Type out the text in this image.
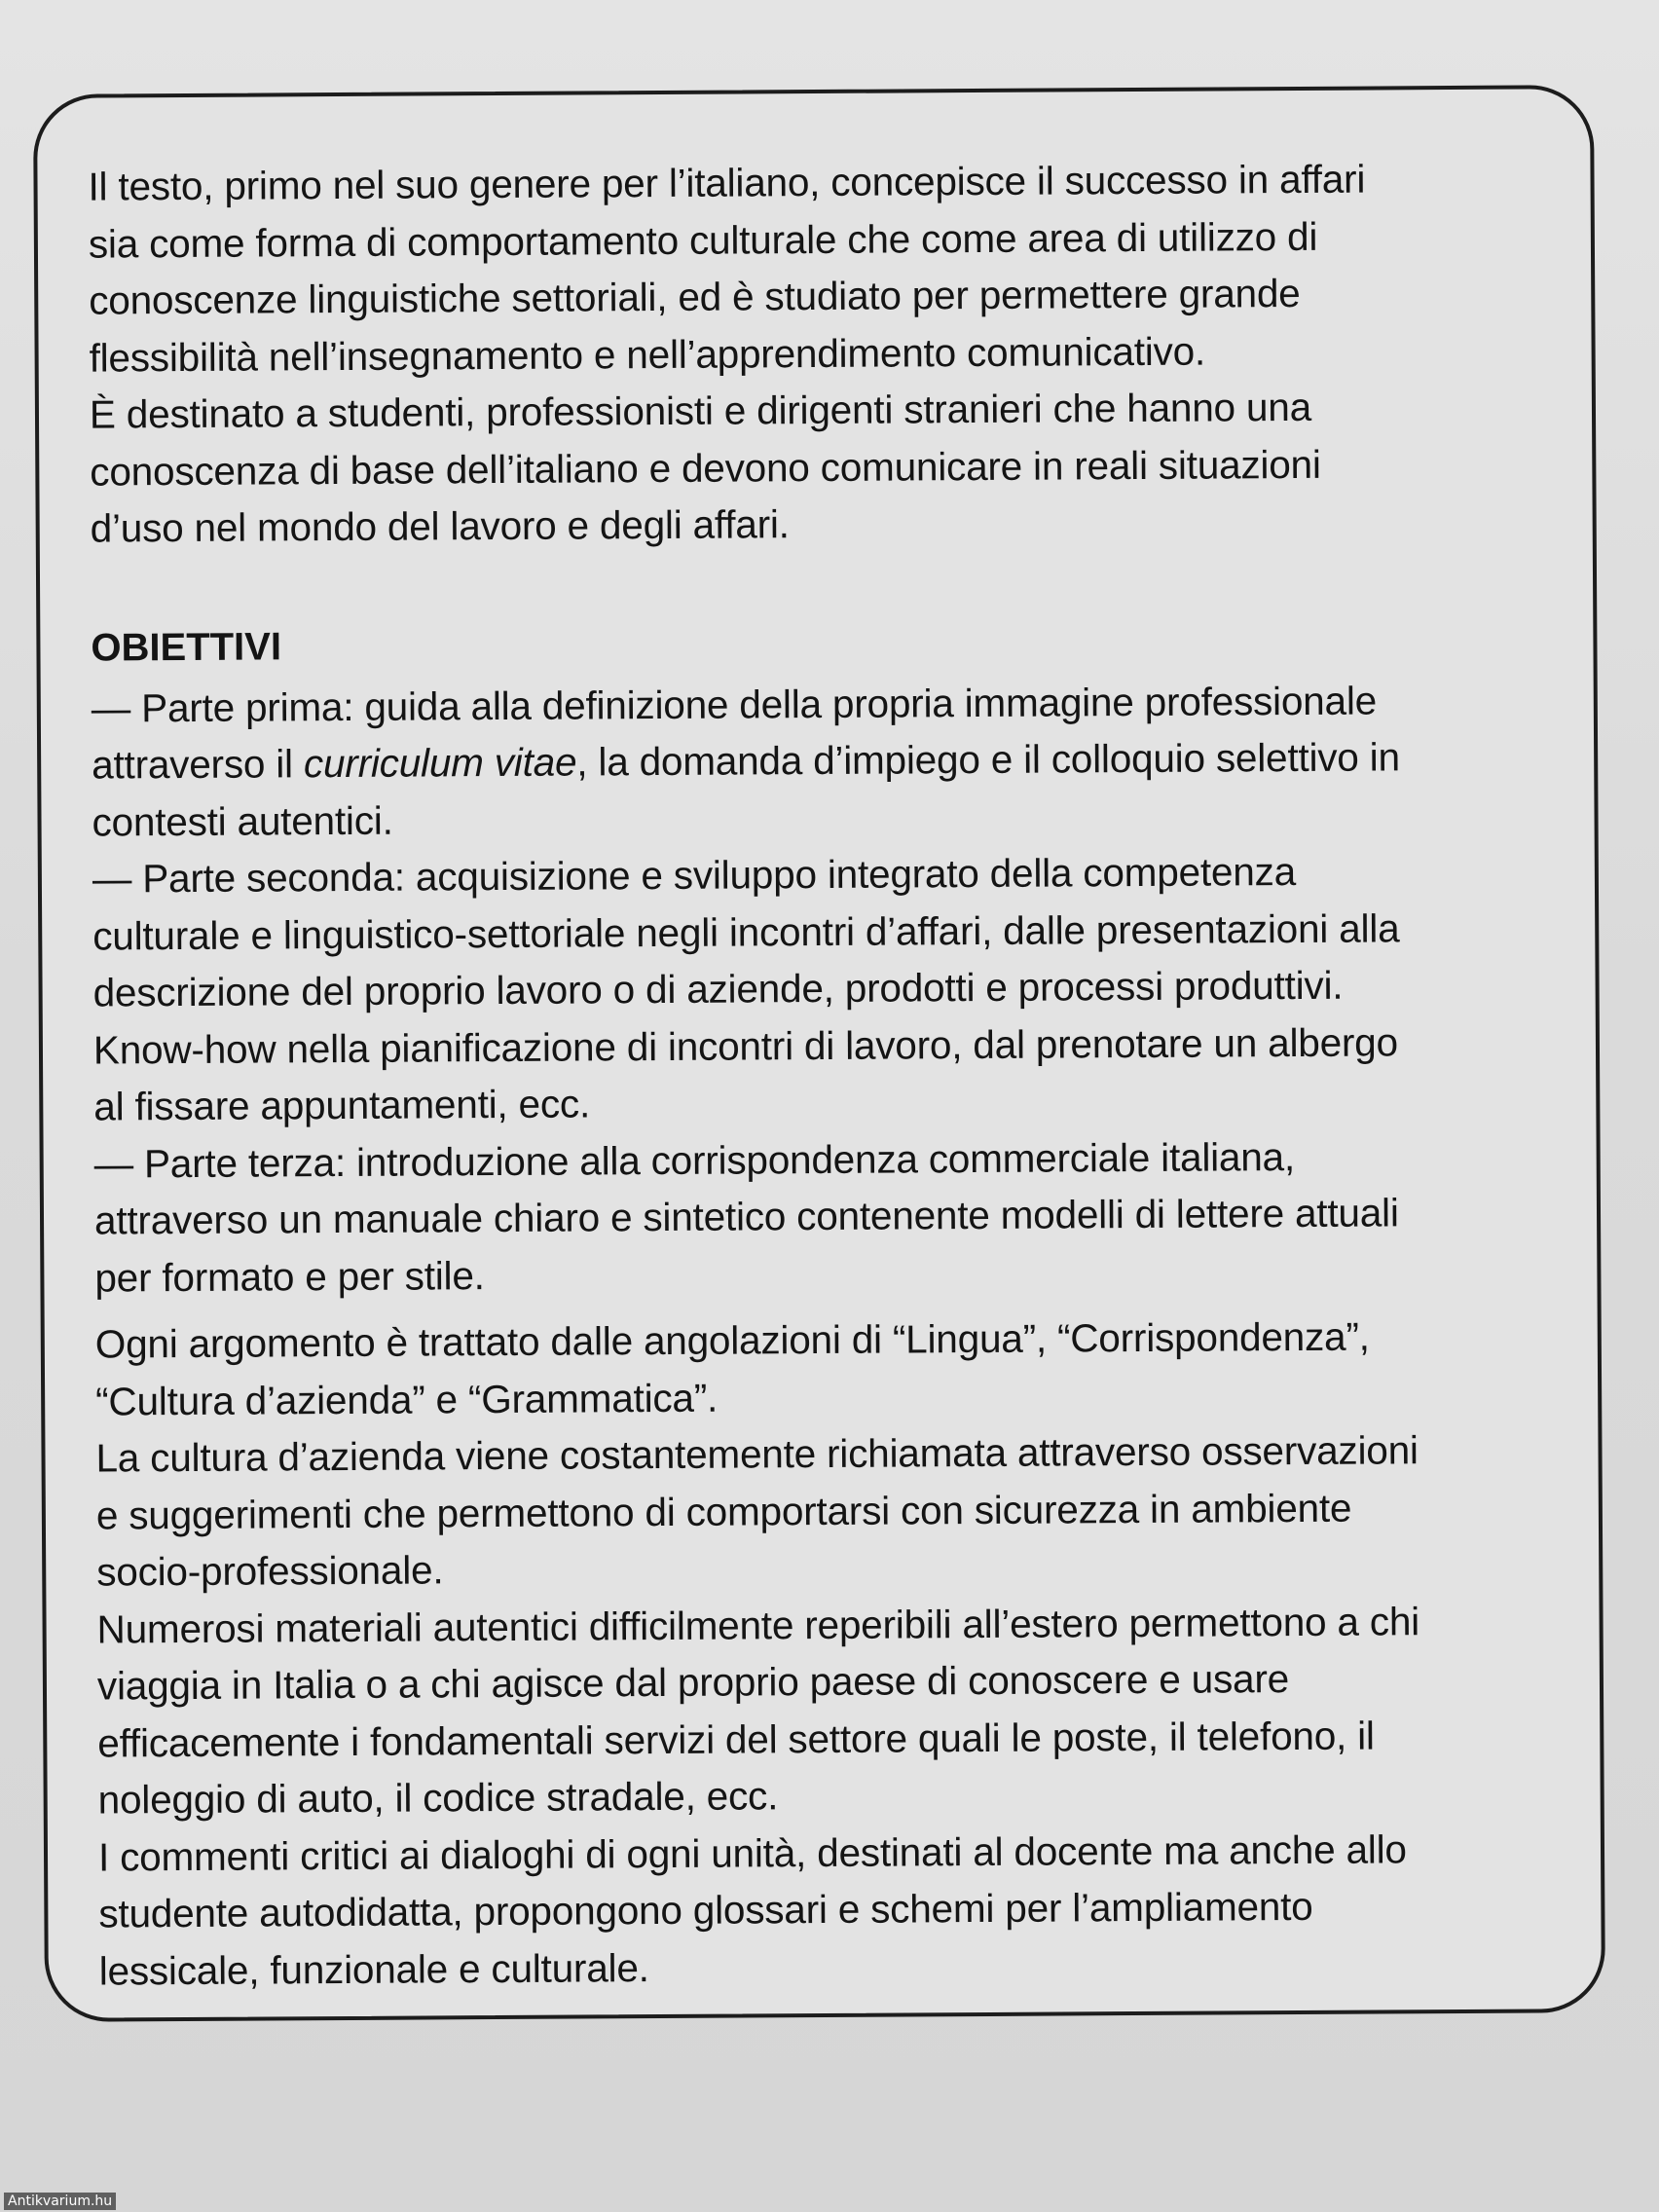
Il testo, primo nel suo genere per l’italiano, concepisce il successo in affari
sia come forma di comportamento culturale che come area di utilizzo di
conoscenze linguistiche settoriali, ed è studiato per permettere grande
flessibilità nell’insegnamento e nell’apprendimento comunicativo.
È destinato a studenti, professionisti e dirigenti stranieri che hanno una
conoscenza di base dell’italiano e devono comunicare in reali situazioni
d’uso nel mondo del lavoro e degli affari.

OBIETTIVI

— Parte prima: guida alla definizione della propria immagine professionale
attraverso il curriculum vitae, la domanda d’impiego e il colloquio selettivo in
contesti autentici.

— Parte seconda: acquisizione e sviluppo integrato della competenza
culturale e linguistico-settoriale negli incontri d’affari, dalle presentazioni alla
descrizione del proprio lavoro o di aziende, prodotti e processi produttivi.
Know-how nella pianificazione di incontri di lavoro, dal prenotare un albergo
al fissare appuntamenti, ecc.

— Parte terza: introduzione alla corrispondenza commerciale italiana,
attraverso un manuale chiaro e sintetico contenente modelli di lettere attuali
per formato e per stile.

Ogni argomento è trattato dalle angolazioni di “Lingua”, “Corrispondenza”,
“Cultura d’azienda” e “Grammatica”.
La cultura d’azienda viene costantemente richiamata attraverso osservazioni
e suggerimenti che permettono di comportarsi con sicurezza in ambiente
socio-professionale.
Numerosi materiali autentici difficilmente reperibili all’estero permettono a chi
viaggia in Italia o a chi agisce dal proprio paese di conoscere e usare
efficacemente i fondamentali servizi del settore quali le poste, il telefono, il
noleggio di auto, il codice stradale, ecc.
I commenti critici ai dialoghi di ogni unità, destinati al docente ma anche allo
studente autodidatta, propongono glossari e schemi per l’ampliamento
lessicale, funzionale e culturale.

Antikvarium.hu
